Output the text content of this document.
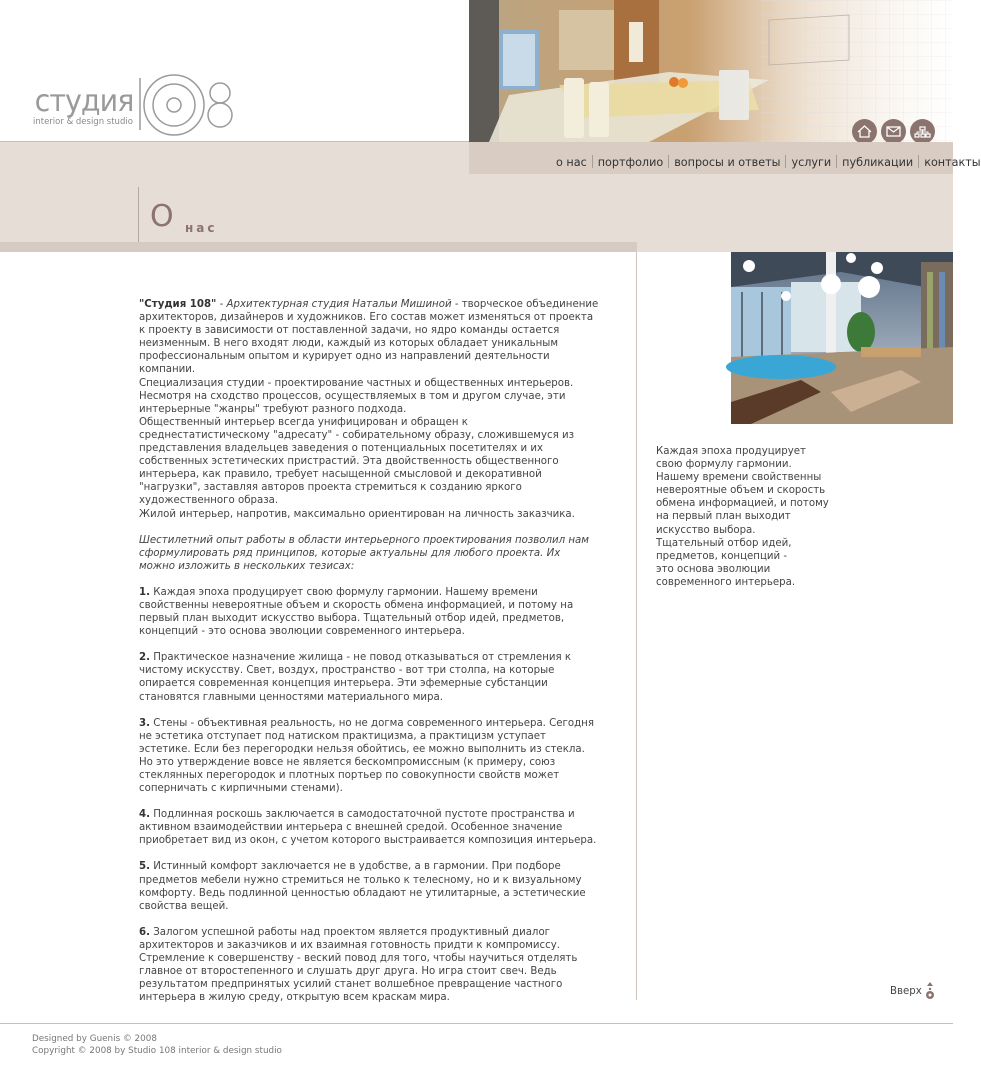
студия
interior & design studio
о нас портфолио вопросы и ответы услуги публикации контакты
О нас

"Студия 108" - Архитектурная студия Натальи Мишиной - творческое объединение архитекторов, дизайнеров и художников. Его состав может изменяться от проекта к проекту в зависимости от поставленной задачи, но ядро команды остается неизменным. В него входят люди, каждый из которых обладает уникальным профессиональным опытом и курирует одно из направлений деятельности компании.
Специализация студии - проектирование частных и общественных интерьеров.
Несмотря на сходство процессов, осуществляемых в том и другом случае, эти интерьерные "жанры" требуют разного подхода.
Общественный интерьер всегда унифицирован и обращен к среднестатистическому "адресату" - собирательному образу, сложившемуся из представления владельцев заведения о потенциальных посетителях и их собственных эстетических пристрастий. Эта двойственность общественного интерьера, как правило, требует насыщенной смысловой и декоративной "нагрузки", заставляя авторов проекта стремиться к созданию яркого художественного образа.
Жилой интерьер, напротив, максимально ориентирован на личность заказчика.

Шестилетний опыт работы в области интерьерного проектирования позволил нам сформулировать ряд принципов, которые актуальны для любого проекта. Их можно изложить в нескольких тезисах:

1. Каждая эпоха продуцирует свою формулу гармонии. Нашему времени свойственны невероятные объем и скорость обмена информацией, и потому на первый план выходит искусство выбора. Тщательный отбор идей, предметов, концепций - это основа эволюции современного интерьера.

2. Практическое назначение жилища - не повод отказываться от стремления к чистому искусству. Свет, воздух, пространство - вот три столпа, на которые опирается современная концепция интерьера. Эти эфемерные субстанции становятся главными ценностями материального мира.

3. Стены - объективная реальность, но не догма современного интерьера. Сегодня не эстетика отступает под натиском практицизма, а практицизм уступает эстетике. Если без перегородки нельзя обойтись, ее можно выполнить из стекла. Но это утверждение вовсе не является бескомпромиссным (к примеру, союз стеклянных перегородок и плотных портьер по совокупности свойств может соперничать с кирпичными стенами).

4. Подлинная роскошь заключается в самодостаточной пустоте пространства и активном взаимодействии интерьера с внешней средой. Особенное значение приобретает вид из окон, с учетом которого выстраивается композиция интерьера.

5. Истинный комфорт заключается не в удобстве, а в гармонии. При подборе предметов мебели нужно стремиться не только к телесному, но и к визуальному комфорту. Ведь подлинной ценностью обладают не утилитарные, а эстетические свойства вещей.

6. Залогом успешной работы над проектом является продуктивный диалог архитекторов и заказчиков и их взаимная готовность придти к компромиссу. Стремление к совершенству - веский повод для того, чтобы научиться отделять главное от второстепенного и слушать друг друга. Но игра стоит свеч. Ведь результатом предпринятых усилий станет волшебное превращение частного интерьера в жилую среду, открытую всем краскам мира.

Каждая эпоха продуцирует
свою формулу гармонии.
Нашему времени свойственны
невероятные объем и скорость
обмена информацией, и потому
на первый план выходит
искусство выбора.
Тщательный отбор идей,
предметов, концепций -
это основа эволюции
современного интерьера.
Вверх
Designed by Guenis © 2008
Copyright © 2008 by Studio 108 interior & design studio
